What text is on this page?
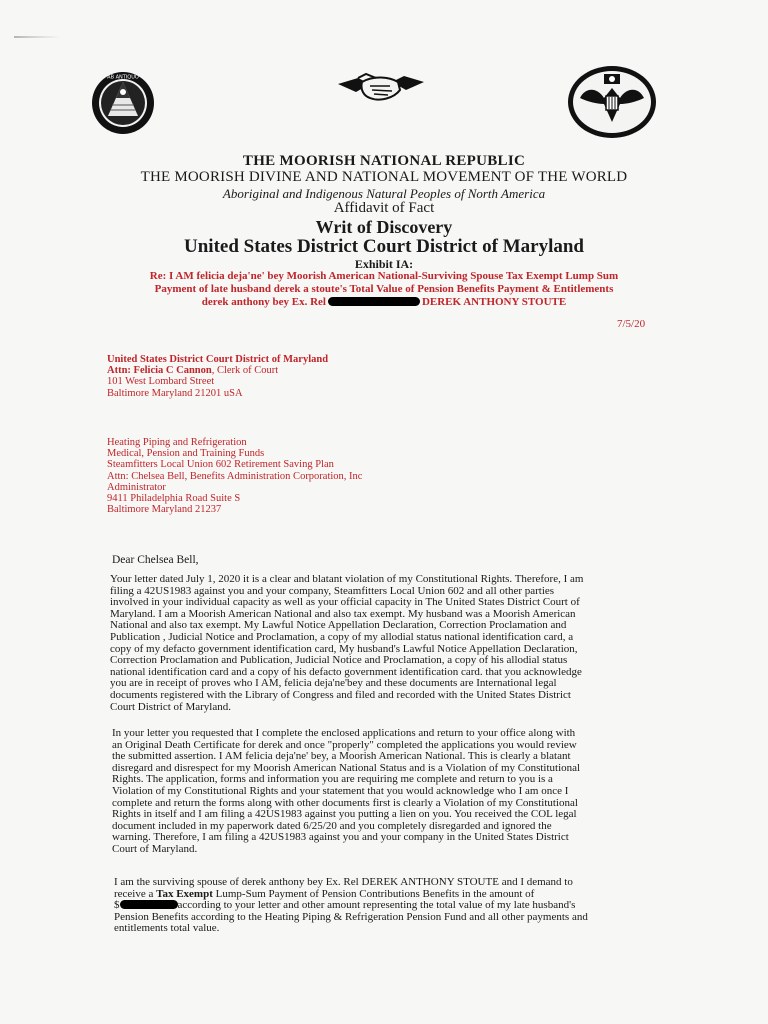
AB ANTIQUO
THE MOORISH NATIONAL REPUBLIC
THE MOORISH DIVINE AND NATIONAL MOVEMENT OF THE WORLD
Aboriginal and Indigenous Natural Peoples of North America
Affidavit of Fact
Writ of Discovery
United States District Court District of Maryland
Exhibit IA:
Re: I AM felicia deja'ne' bey Moorish American National-Surviving Spouse Tax Exempt Lump Sum
Payment of late husband derek a stoute's Total Value of Pension Benefits Payment & Entitlements
derek anthony bey Ex. Rel	DEREK ANTHONY STOUTE
7/5/20
United States District Court District of Maryland
Attn: Felicia C Cannon, Clerk of Court
101 West Lombard Street
Baltimore Maryland 21201 uSA
Heating Piping and Refrigeration
Medical, Pension and Training Funds
Steamfitters Local Union 602 Retirement Saving Plan
Attn: Chelsea Bell, Benefits Administration Corporation, Inc
Administrator
9411 Philadelphia Road Suite S
Baltimore Maryland 21237
Dear Chelsea Bell,
Your letter dated July 1, 2020 it is a clear and blatant violation of my Constitutional Rights. Therefore, I am
filing a 42US1983 against you and your company, Steamfitters Local Union 602 and all other parties
involved in your individual capacity as well as your official capacity in The United States District Court of
Maryland. I am a Moorish American National and also tax exempt. My husband was a Moorish American
National and also tax exempt. My Lawful Notice Appellation Declaration, Correction Proclamation and
Publication , Judicial Notice and Proclamation, a copy of my allodial status national identification card, a
copy of my defacto government identification card, My husband's Lawful Notice Appellation Declaration,
Correction Proclamation and Publication, Judicial Notice and Proclamation, a copy of his allodial status
national identification card and a copy of his defacto government identification card. that you acknowledge
you are in receipt of proves who I AM, felicia deja'ne'bey and these documents are International legal
documents registered with the Library of Congress and filed and recorded with the United States District
Court District of Maryland.
In your letter you requested that I complete the enclosed applications and return to your office along with
an Original Death Certificate for derek and once "properly" completed the applications you would review
the submitted assertion. I AM felicia deja'ne' bey, a Moorish American National. This is clearly a blatant
disregard and disrespect for my Moorish American National Status and is a Violation of my Constitutional
Rights. The application, forms and information you are requiring me complete and return to you is a
Violation of my Constitutional Rights and your statement that you would acknowledge who I am once I
complete and return the forms along with other documents first is clearly a Violation of my Constitutional
Rights in itself and I am filing a 42US1983 against you putting a lien on you. You received the COL legal
document included in my paperwork dated 6/25/20 and you completely disregarded and ignored the
warning. Therefore, I am filing a 42US1983 against you and your company in the United States District
Court of Maryland.
I am the surviving spouse of derek anthony bey Ex. Rel DEREK ANTHONY STOUTE and I demand to
receive a Tax Exempt Lump-Sum Payment of Pension Contributions Benefits in the amount of
$	according to your letter and other amount representing the total value of my late husband's
Pension Benefits according to the Heating Piping & Refrigeration Pension Fund and all other payments and
entitlements total value.
